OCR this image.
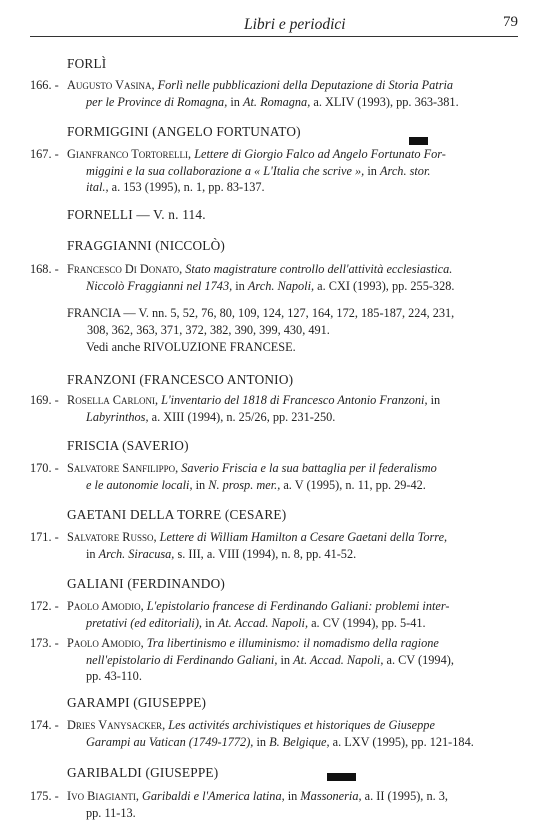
Libri e periodici	79
FORLÌ
166. - Augusto Vasina, Forlì nelle pubblicazioni della Deputazione di Storia Patria
per le Province di Romagna, in At. Romagna, a. XLIV (1993), pp. 363-381.
FORMIGGINI (ANGELO FORTUNATO)
167. - Gianfranco Tortorelli, Lettere di Giorgio Falco ad Angelo Fortunato For-
miggini e la sua collaborazione a « L'Italia che scrive », in Arch. stor.
ital., a. 153 (1995), n. 1, pp. 83-137.
FORNELLI — V. n. 114.
FRAGGIANNI (NICCOLÒ)
168. - Francesco Di Donato, Stato magistrature controllo dell'attività ecclesiastica.
Niccolò Fraggianni nel 1743, in Arch. Napoli, a. CXI (1993), pp. 255-328.
FRANCIA — V. nn. 5, 52, 76, 80, 109, 124, 127, 164, 172, 185-187, 224, 231,
308, 362, 363, 371, 372, 382, 390, 399, 430, 491.
Vedi anche RIVOLUZIONE FRANCESE.
FRANZONI (FRANCESCO ANTONIO)
169. - Rosella Carloni, L'inventario del 1818 di Francesco Antonio Franzoni, in
Labyrinthos, a. XIII (1994), n. 25/26, pp. 231-250.
FRISCIA (SAVERIO)
170. - Salvatore Sanfilippo, Saverio Friscia e la sua battaglia per il federalismo
e le autonomie locali, in N. prosp. mer., a. V (1995), n. 11, pp. 29-42.
GAETANI DELLA TORRE (CESARE)
171. - Salvatore Russo, Lettere di William Hamilton a Cesare Gaetani della Torre,
in Arch. Siracusa, s. III, a. VIII (1994), n. 8, pp. 41-52.
GALIANI (FERDINANDO)
172. - Paolo Amodio, L'epistolario francese di Ferdinando Galiani: problemi inter-
pretativi (ed editoriali), in At. Accad. Napoli, a. CV (1994), pp. 5-41.
173. - Paolo Amodio, Tra libertinismo e illuminismo: il nomadismo della ragione
nell'epistolario di Ferdinando Galiani, in At. Accad. Napoli, a. CV (1994),
pp. 43-110.
GARAMPI (GIUSEPPE)
174. - Dries Vanysacker, Les activités archivistiques et historiques de Giuseppe
Garampi au Vatican (1749-1772), in B. Belgique, a. LXV (1995), pp. 121-184.
GARIBALDI (GIUSEPPE)
175. - Ivo Biagianti, Garibaldi e l'America latina, in Massoneria, a. II (1995), n. 3,
pp. 11-13.
